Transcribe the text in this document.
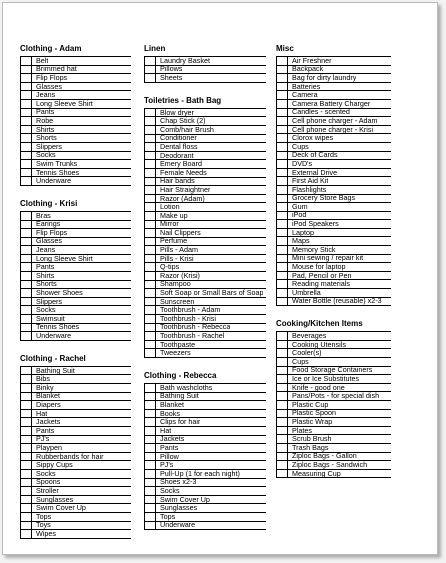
Clothing - Adam
Belt
Brimmed hat
Flip Flops
Glasses
Jeans
Long Sleeve Shirt
Pants
Robe
Shirts
Shorts
Slippers
Socks
Swim Trunks
Tennis Shoes
Underware
Clothing - Krisi
Bras
Earings
Flip Flops
Glasses
Jeans
Long Sleeve Shirt
Pants
Shirts
Shorts
Shower Shoes
Slippers
Socks
Swimsuit
Tennis Shoes
Underware
Clothing - Rachel
Bathing Suit
Bibs
Binky
Blanket
Diapers
Hat
Jackets
Pants
PJ's
Playpen
Rubberbands for hair
Sippy Cups
Socks
Spoons
Stroller
Sunglasses
Swim Cover Up
Tops
Toys
Wipes
Linen
Laundry Basket
Pillows
Sheets
Toiletries - Bath Bag
Blow dryer
Chap Stick (2)
Comb/hair Brush
Conditioner
Dental floss
Deodorant
Emery Board
Female Needs
Hair bands
Hair Straightner
Razor (Adam)
Lotion
Make up
Mirror
Nail Clippers
Perfume
Pills - Adam
Pills - Krisi
Q-tips
Razor (Krisi)
Shampoo
Soft Soap or Small Bars of Soap
Sunscreen
Toothbrush - Adam
Toothbrush - Krisi
Toothbrush - Rebecca
Toothbrush - Rachel
Toothpaste
Tweezers
Clothing - Rebecca
Bath washcloths
Bathing Suit
Blanket
Books
Clips for hair
Hat
Jackets
Pants
Pillow
PJ's
Pull-Up (1 for each night)
Shoes x2-3
Socks
Swim Cover Up
Sunglasses
Tops
Underware
Misc
Air Freshner
Backpack
Bag for dirty laundry
Batteries
Camera
Camera Battery Charger
Candles - scented
Cell phone charger - Adam
Cell phone charger - Krisi
Clorox wipes
Cups
Deck of Cards
DVD's
External Drive
First Aid Kit
Flashlights
Grocery Store Bags
Gum
iPod
iPod Speakers
Laptop
Maps
Memory Stick
Mini sewing / repair kit
Mouse for laptop
Pad, Pencil or Pen
Reading materials
Umbrella
Water Bottle (reusable) x2-3
Cooking/Kitchen Items
Beverages
Cooking Utensils
Cooler(s)
Cups
Food Storage Containers
Ice or Ice Substitutes
Knife - good one
Pans/Pots - for special dish
Plastic Cup
Plastic Spoon
Plastic Wrap
Plates
Scrub Brush
Trash Bags
Ziploc Bags - Gallon
Ziploc Bags - Sandwich
Measuring Cup
